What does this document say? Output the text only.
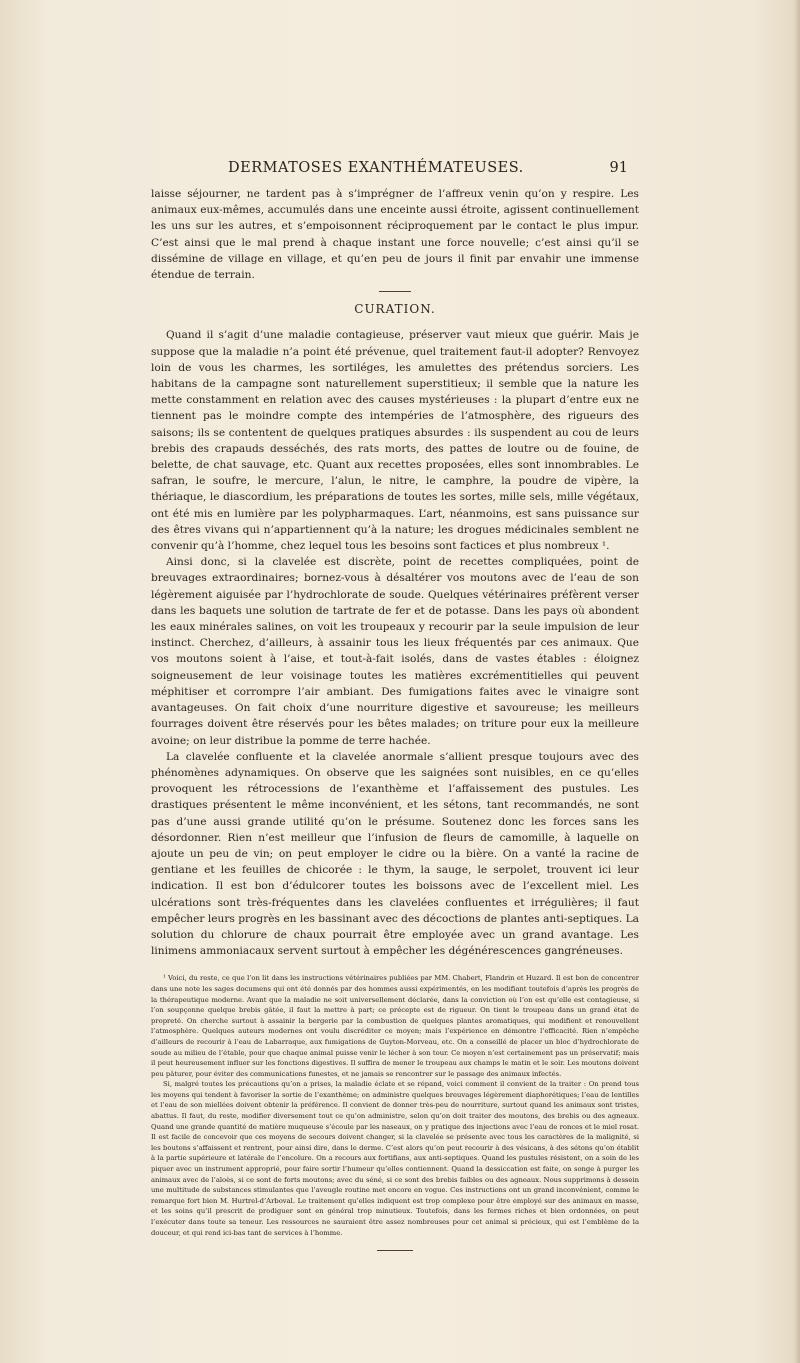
DERMATOSES EXANTHÉMATEUSES.	91

laisse séjourner, ne tardent pas à s’imprégner de l’affreux venin qu’on y respire. Les animaux eux-mêmes, accumulés dans une enceinte aussi étroite, agissent continuellement les uns sur les autres, et s’empoisonnent réciproquement par le contact le plus impur. C’est ainsi que le mal prend à chaque instant une force nouvelle; c’est ainsi qu’il se dissémine de village en village, et qu’en peu de jours il finit par envahir une immense étendue de terrain.

CURATION.

Quand il s’agit d’une maladie contagieuse, préserver vaut mieux que guérir. Mais je suppose que la maladie n’a point été prévenue, quel traitement faut-il adopter? Renvoyez loin de vous les charmes, les sortiléges, les amulettes des prétendus sorciers. Les habitans de la campagne sont naturellement superstitieux; il semble que la nature les mette constamment en relation avec des causes mystérieuses : la plupart d’entre eux ne tiennent pas le moindre compte des intempéries de l’atmosphère, des rigueurs des saisons; ils se contentent de quelques pratiques absurdes : ils suspendent au cou de leurs brebis des crapauds desséchés, des rats morts, des pattes de loutre ou de fouine, de belette, de chat sauvage, etc. Quant aux recettes proposées, elles sont innombrables. Le safran, le soufre, le mercure, l’alun, le nitre, le camphre, la poudre de vipère, la thériaque, le diascordium, les préparations de toutes les sortes, mille sels, mille végétaux, ont été mis en lumière par les polypharmaques. L’art, néanmoins, est sans puissance sur des êtres vivans qui n’appartiennent qu’à la nature; les drogues médicinales semblent ne convenir qu’à l’homme, chez lequel tous les besoins sont factices et plus nombreux ¹.

Ainsi donc, si la clavelée est discrète, point de recettes compliquées, point de breuvages extraordinaires; bornez-vous à désaltérer vos moutons avec de l’eau de son légèrement aiguisée par l’hydrochlorate de soude. Quelques vétérinaires préfèrent verser dans les baquets une solution de tartrate de fer et de potasse. Dans les pays où abondent les eaux minérales salines, on voit les troupeaux y recourir par la seule impulsion de leur instinct. Cherchez, d’ailleurs, à assainir tous les lieux fréquentés par ces animaux. Que vos moutons soient à l’aise, et tout-à-fait isolés, dans de vastes étables : éloignez soigneusement de leur voisinage toutes les matières excrémentitielles qui peuvent méphitiser et corrompre l’air ambiant. Des fumigations faites avec le vinaigre sont avantageuses. On fait choix d’une nourriture digestive et savoureuse; les meilleurs fourrages doivent être réservés pour les bêtes malades; on triture pour eux la meilleure avoine; on leur distribue la pomme de terre hachée.

La clavelée confluente et la clavelée anormale s’allient presque toujours avec des phénomènes adynamiques. On observe que les saignées sont nuisibles, en ce qu’elles provoquent les rétrocessions de l’exanthème et l’affaissement des pustules. Les drastiques présentent le même inconvénient, et les sétons, tant recommandés, ne sont pas d’une aussi grande utilité qu’on le présume. Soutenez donc les forces sans les désordonner. Rien n’est meilleur que l’infusion de fleurs de camomille, à laquelle on ajoute un peu de vin; on peut employer le cidre ou la bière. On a vanté la racine de gentiane et les feuilles de chicorée : le thym, la sauge, le serpolet, trouvent ici leur indication. Il est bon d’édulcorer toutes les boissons avec de l’excellent miel. Les ulcérations sont très-fréquentes dans les clavelées confluentes et irrégulières; il faut empêcher leurs progrès en les bassinant avec des décoctions de plantes anti-septiques. La solution du chlorure de chaux pourrait être employée avec un grand avantage. Les linimens ammoniacaux servent surtout à empêcher les dégénérescences gangréneuses.

¹ Voici, du reste, ce que l’on lit dans les instructions vétérinaires publiées par MM. Chabert, Flandrin et Huzard. Il est bon de concentrer dans une note les sages documens qui ont été donnés par des hommes aussi expérimentés, en les modifiant toutefois d’après les progrès de la thérapeutique moderne. Avant que la maladie ne soit universellement déclarée, dans la conviction où l’on est qu’elle est contagieuse, si l’on soupçonne quelque brebis gâtée, il faut la mettre à part; ce précepte est de rigueur. On tient le troupeau dans un grand état de propreté. On cherche surtout à assainir la bergerie par la combustion de quelques plantes aromatiques, qui modifient et renouvellent l’atmosphère. Quelques auteurs modernes ont voulu discréditer ce moyen; mais l’expérience en démontre l’efficacité. Rien n’empêche d’ailleurs de recourir à l’eau de Labarraque, aux fumigations de Guyton-Morveau, etc. On a conseillé de placer un bloc d’hydrochlorate de soude au milieu de l’étable, pour que chaque animal puisse venir le lécher à son tour. Ce moyen n’est certainement pas un préservatif; mais il peut heureusement influer sur les fonctions digestives. Il suffira de mener le troupeau aux champs le matin et le soir. Les moutons doivent peu pâturer, pour éviter des communications funestes, et ne jamais se rencontrer sur le passage des animaux infectés.

Si, malgré toutes les précautions qu’on a prises, la maladie éclate et se répand, voici comment il convient de la traiter : On prend tous les moyens qui tendent à favoriser la sortie de l’exanthème; on administre quelques breuvages légèrement diaphorétiques; l’eau de lentilles et l’eau de son miellées doivent obtenir la préférence. Il convient de donner très-peu de nourriture, surtout quand les animaux sont tristes, abattus. Il faut, du reste, modifier diversement tout ce qu’on administre, selon qu’on doit traiter des moutons, des brebis ou des agneaux. Quand une grande quantité de matière muqueuse s’écoule par les naseaux, on y pratique des injections avec l’eau de ronces et le miel rosat. Il est facile de concevoir que ces moyens de secours doivent changer, si la clavelée se présente avec tous les caractères de la malignité, si les boutons s’affaissent et rentrent, pour ainsi dire, dans le derme. C’est alors qu’on peut recourir à des vésicans, à des sétons qu’on établit à la partie supérieure et latérale de l’encolure. On a recours aux fortifians, aux anti-septiques. Quand les pustules résistent, on a soin de les piquer avec un instrument approprié, pour faire sortir l’humeur qu’elles contiennent. Quand la dessiccation est faite, on songe à purger les animaux avec de l’aloès, si ce sont de forts moutons; avec du séné, si ce sont des brebis faibles ou des agneaux. Nous supprimons à dessein une multitude de substances stimulantes que l’aveugle routine met encore en vogue. Ces instructions ont un grand inconvénient, comme le remarque fort bien M. Hurtrel-d’Arboval. Le traitement qu’elles indiquent est trop complexe pour être employé sur des animaux en masse, et les soins qu’il prescrit de prodiguer sont en général trop minutieux. Toutefois, dans les fermes riches et bien ordonnées, on peut l’exécuter dans toute sa teneur. Les ressources ne sauraient être assez nombreuses pour cet animal si précieux, qui est l’emblème de la douceur, et qui rend ici-bas tant de services à l’homme.
